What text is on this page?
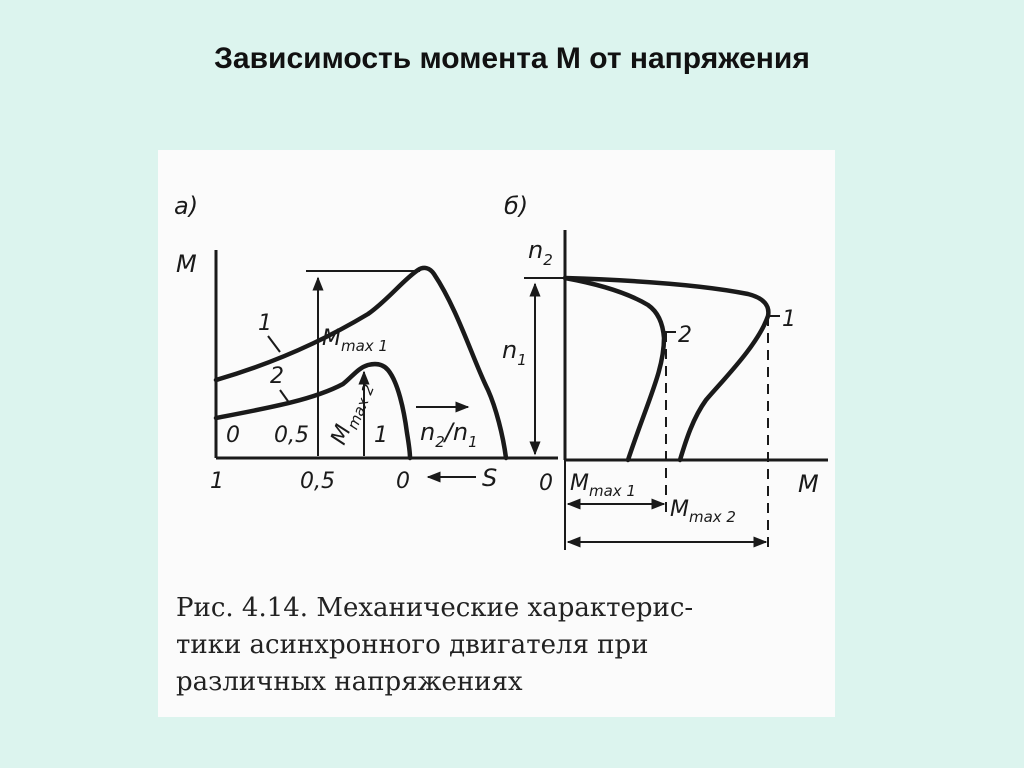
Зависимость момента М от напряжения
а)
M
1
2
$M_{max 1}$
$M_{max 2}$
0 0,5	1 $n_2/n_1$
1	0,5	0	S
б)
$n_2$
$n_1$
2
1
0	M
$M_{max 1}$
$M_{max 2}$
Рис. 4.14. Механические характерис-
тики асинхронного двигателя при
различных напряжениях
